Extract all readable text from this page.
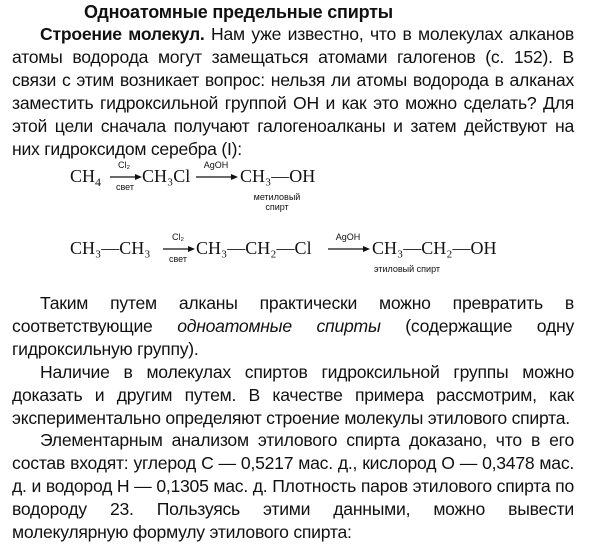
Одноатомные предельные спирты
Строение молекул. Нам уже известно, что в молекулах алканов атомы водорода могут замещаться атомами галогенов (с. 152). В связи с этим возникает вопрос: нельзя ли атомы водорода в алканах заместить гидроксильной группой ОН и как это можно сделать? Для этой цели сначала получают галогеноалканы и затем действуют на них гидроксидом серебра (I):
$CH_4$
Cl₂
свет
CH₃Cl
AgOH
→ CH₃—OH
метиловый
спирт
CH₃—CH₃
Cl₂
свет
CH₃—CH₂—Cl
AgOH
→ CH₃—CH₂—OH
этиловый спирт
Таким путем алканы практически можно превратить в соответствующие одноатомные спирты (содержащие одну гидроксильную группу).
Наличие в молекулах спиртов гидроксильной группы можно доказать и другим путем. В качестве примера рассмотрим, как экспериментально определяют строение молекулы этилового спирта.
Элементарным анализом этилового спирта доказано, что в его состав входят: углерод С — 0,5217 мас. д., кислород О — 0,3478 мас. д. и водород Н — 0,1305 мас. д. Плотность паров этилового спирта по водороду 23. Пользуясь этими данными, можно вывести молекулярную формулу этилового спирта:
